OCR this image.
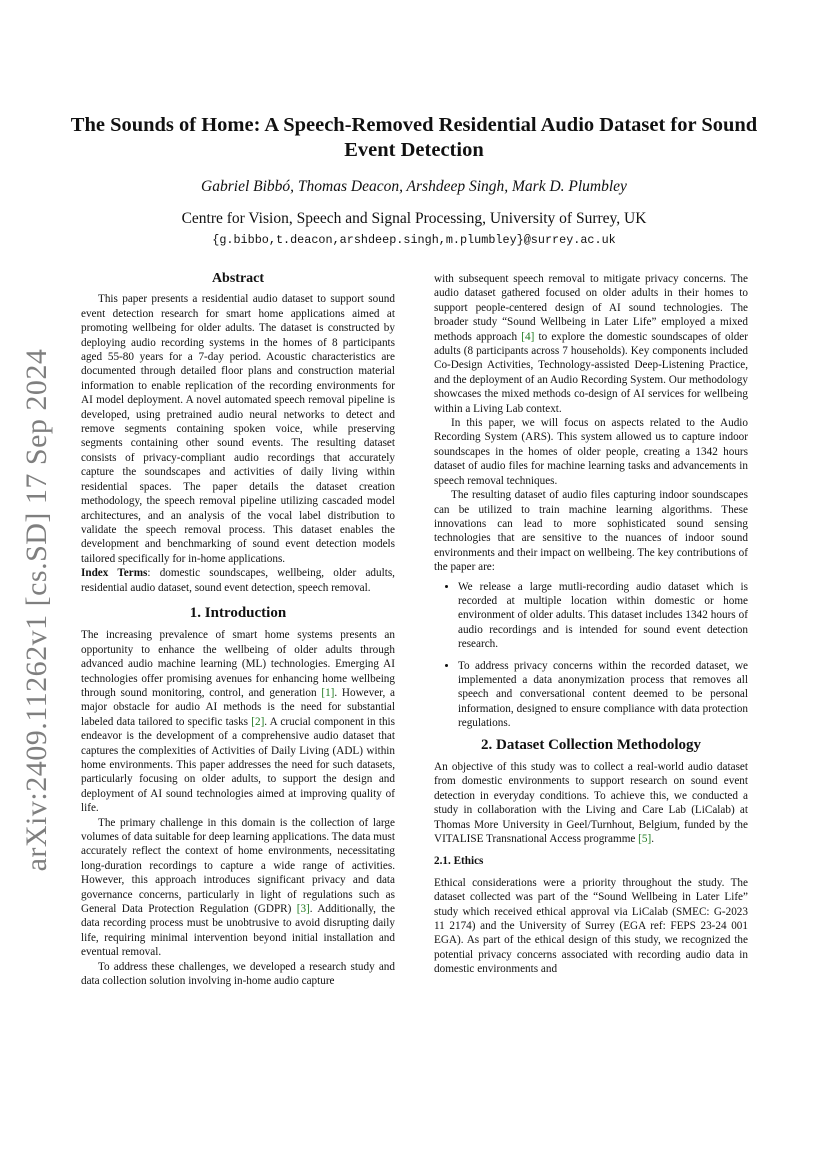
arXiv:2409.11262v1 [cs.SD] 17 Sep 2024
The Sounds of Home: A Speech-Removed Residential Audio Dataset for Sound Event Detection
Gabriel Bibbó, Thomas Deacon, Arshdeep Singh, Mark D. Plumbley
Centre for Vision, Speech and Signal Processing, University of Surrey, UK
{g.bibbo,t.deacon,arshdeep.singh,m.plumbley}@surrey.ac.uk
Abstract

This paper presents a residential audio dataset to support sound event detection research for smart home applications aimed at promoting wellbeing for older adults. The dataset is constructed by deploying audio recording systems in the homes of 8 participants aged 55-80 years for a 7-day period. Acoustic characteristics are documented through detailed floor plans and construction material information to enable replication of the recording environments for AI model deployment. A novel automated speech removal pipeline is developed, using pretrained audio neural networks to detect and remove segments containing spoken voice, while preserving segments containing other sound events. The resulting dataset consists of privacy-compliant audio recordings that accurately capture the soundscapes and activities of daily living within residential spaces. The paper details the dataset creation methodology, the speech removal pipeline utilizing cascaded model architectures, and an analysis of the vocal label distribution to validate the speech removal process. This dataset enables the development and benchmarking of sound event detection models tailored specifically for in-home applications.

Index Terms: domestic soundscapes, wellbeing, older adults, residential audio dataset, sound event detection, speech removal.

1. Introduction

The increasing prevalence of smart home systems presents an opportunity to enhance the wellbeing of older adults through advanced audio machine learning (ML) technologies. Emerging AI technologies offer promising avenues for enhancing home wellbeing through sound monitoring, control, and generation [1]. However, a major obstacle for audio AI methods is the need for substantial labeled data tailored to specific tasks [2]. A crucial component in this endeavor is the development of a comprehensive audio dataset that captures the complexities of Activities of Daily Living (ADL) within home environments. This paper addresses the need for such datasets, particularly focusing on older adults, to support the design and deployment of AI sound technologies aimed at improving quality of life.

The primary challenge in this domain is the collection of large volumes of data suitable for deep learning applications. The data must accurately reflect the context of home environments, necessitating long-duration recordings to capture a wide range of activities. However, this approach introduces significant privacy and data governance concerns, particularly in light of regulations such as General Data Protection Regulation (GDPR) [3]. Additionally, the data recording process must be unobtrusive to avoid disrupting daily life, requiring minimal intervention beyond initial installation and eventual removal.

To address these challenges, we developed a research study and data collection solution involving in-home audio capture

with subsequent speech removal to mitigate privacy concerns. The audio dataset gathered focused on older adults in their homes to support people-centered design of AI sound technologies. The broader study “Sound Wellbeing in Later Life” employed a mixed methods approach [4] to explore the domestic soundscapes of older adults (8 participants across 7 households). Key components included Co-Design Activities, Technology-assisted Deep-Listening Practice, and the deployment of an Audio Recording System. Our methodology showcases the mixed methods co-design of AI services for wellbeing within a Living Lab context.

In this paper, we will focus on aspects related to the Audio Recording System (ARS). This system allowed us to capture indoor soundscapes in the homes of older people, creating a 1342 hours dataset of audio files for machine learning tasks and advancements in speech removal techniques.

The resulting dataset of audio files capturing indoor soundscapes can be utilized to train machine learning algorithms. These innovations can lead to more sophisticated sound sensing technologies that are sensitive to the nuances of indoor sound environments and their impact on wellbeing. The key contributions of the paper are:

• We release a large mutli-recording audio dataset which is recorded at multiple location within domestic or home environment of older adults. This dataset includes 1342 hours of audio recordings and is intended for sound event detection research.
• To address privacy concerns within the recorded dataset, we implemented a data anonymization process that removes all speech and conversational content deemed to be personal information, designed to ensure compliance with data protection regulations.
2. Dataset Collection Methodology

An objective of this study was to collect a real-world audio dataset from domestic environments to support research on sound event detection in everyday conditions. To achieve this, we conducted a study in collaboration with the Living and Care Lab (LiCalab) at Thomas More University in Geel/Turnhout, Belgium, funded by the VITALISE Transnational Access programme [5].

2.1. Ethics

Ethical considerations were a priority throughout the study. The dataset collected was part of the “Sound Wellbeing in Later Life” study which received ethical approval via LiCalab (SMEC: G-2023 11 2174) and the University of Surrey (EGA ref: FEPS 23-24 001 EGA). As part of the ethical design of this study, we recognized the potential privacy concerns associated with recording audio data in domestic environments and
